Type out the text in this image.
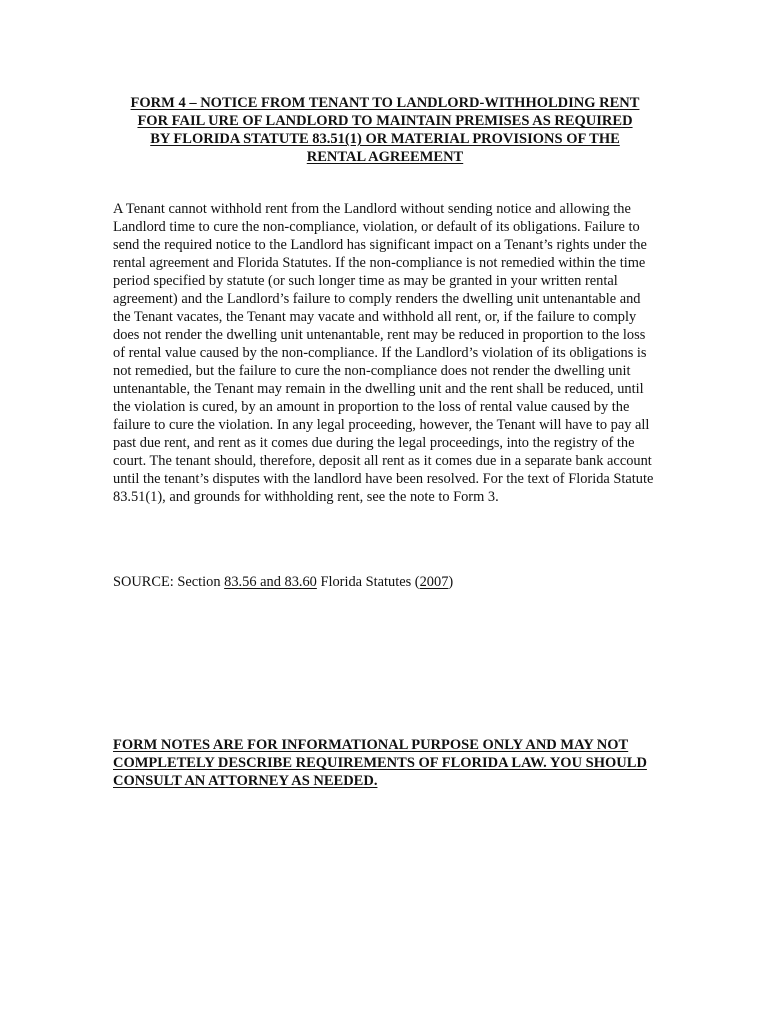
FORM 4 – NOTICE FROM TENANT TO LANDLORD-WITHHOLDING RENT
FOR FAIL URE OF LANDLORD TO MAINTAIN PREMISES AS REQUIRED
BY FLORIDA STATUTE 83.51(1) OR MATERIAL PROVISIONS OF THE
RENTAL AGREEMENT

A Tenant cannot withhold rent from the Landlord without sending notice and allowing the Landlord time to cure the non-compliance, violation, or default of its obligations. Failure to send the required notice to the Landlord has significant impact on a Tenant’s rights under the rental agreement and Florida Statutes. If the non-compliance is not remedied within the time period specified by statute (or such longer time as may be granted in your written rental agreement) and the Landlord’s failure to comply renders the dwelling unit untenantable and the Tenant vacates, the Tenant may vacate and withhold all rent, or, if the failure to comply does not render the dwelling unit untenantable, rent may be reduced in proportion to the loss of rental value caused by the non-compliance. If the Landlord’s violation of its obligations is not remedied, but the failure to cure the non-compliance does not render the dwelling unit untenantable, the Tenant may remain in the dwelling unit and the rent shall be reduced, until the violation is cured, by an amount in proportion to the loss of rental value caused by the failure to cure the violation. In any legal proceeding, however, the Tenant will have to pay all past due rent, and rent as it comes due during the legal proceedings, into the registry of the court. The tenant should, therefore, deposit all rent as it comes due in a separate bank account until the tenant’s disputes with the landlord have been resolved. For the text of Florida Statute 83.51(1), and grounds for withholding rent, see the note to Form 3.

SOURCE: Section 83.56 and 83.60 Florida Statutes (2007)

FORM NOTES ARE FOR INFORMATIONAL PURPOSE ONLY AND MAY NOT COMPLETELY DESCRIBE REQUIREMENTS OF FLORIDA LAW. YOU SHOULD CONSULT AN ATTORNEY AS NEEDED.
